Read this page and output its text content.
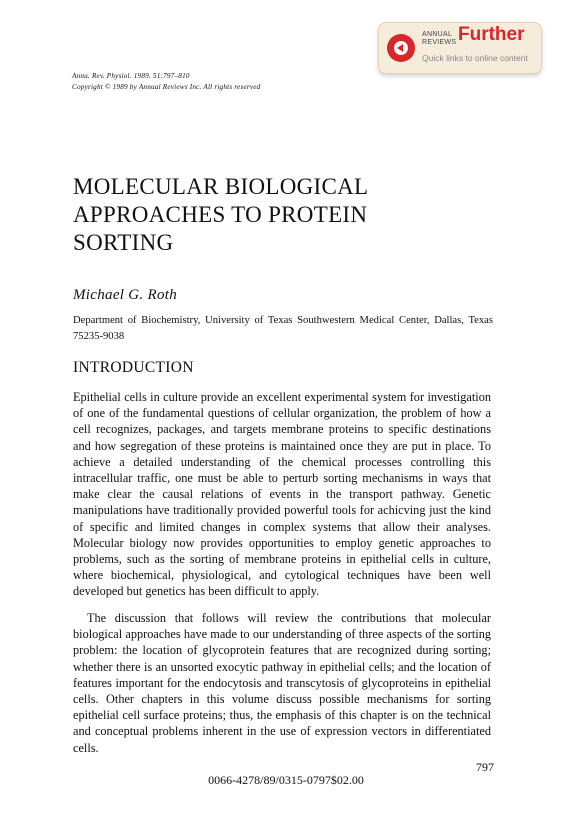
ANNUAL
REVIEWS Further
Quick links to online content
Annu. Rev. Physiol. 1989. 51:797–810
Copyright © 1989 by Annual Reviews Inc. All rights reserved
MOLECULAR BIOLOGICAL
APPROACHES TO PROTEIN
SORTING
Michael G. Roth
Department of Biochemistry, University of Texas Southwestern Medical Center, Dallas, Texas 75235-9038
INTRODUCTION

Epithelial cells in culture provide an excellent experimental system for investigation of one of the fundamental questions of cellular organization, the problem of how a cell recognizes, packages, and targets membrane proteins to specific destinations and how segregation of these proteins is maintained once they are put in place. To achieve a detailed understanding of the chemical processes controlling this intracellular traffic, one must be able to perturb sorting mechanisms in ways that make clear the causal relations of events in the transport pathway. Genetic manipulations have traditionally provided powerful tools for achicving just the kind of specific and limited changes in complex systems that allow their analyses. Molecular biology now provides opportunities to employ genetic approaches to problems, such as the sorting of membrane proteins in epithelial cells in culture, where biochemical, physiological, and cytological techniques have been well developed but genetics has been difficult to apply.

The discussion that follows will review the contributions that molecular biological approaches have made to our understanding of three aspects of the sorting problem: the location of glycoprotein features that are recognized during sorting; whether there is an unsorted exocytic pathway in epithelial cells; and the location of features important for the endocytosis and transcytosis of glycoproteins in epithelial cells. Other chapters in this volume discuss possible mechanisms for sorting epithelial cell surface proteins; thus, the emphasis of this chapter is on the technical and conceptual problems inherent in the use of expression vectors in differentiated cells.

797
0066-4278/89/0315-0797$02.00
